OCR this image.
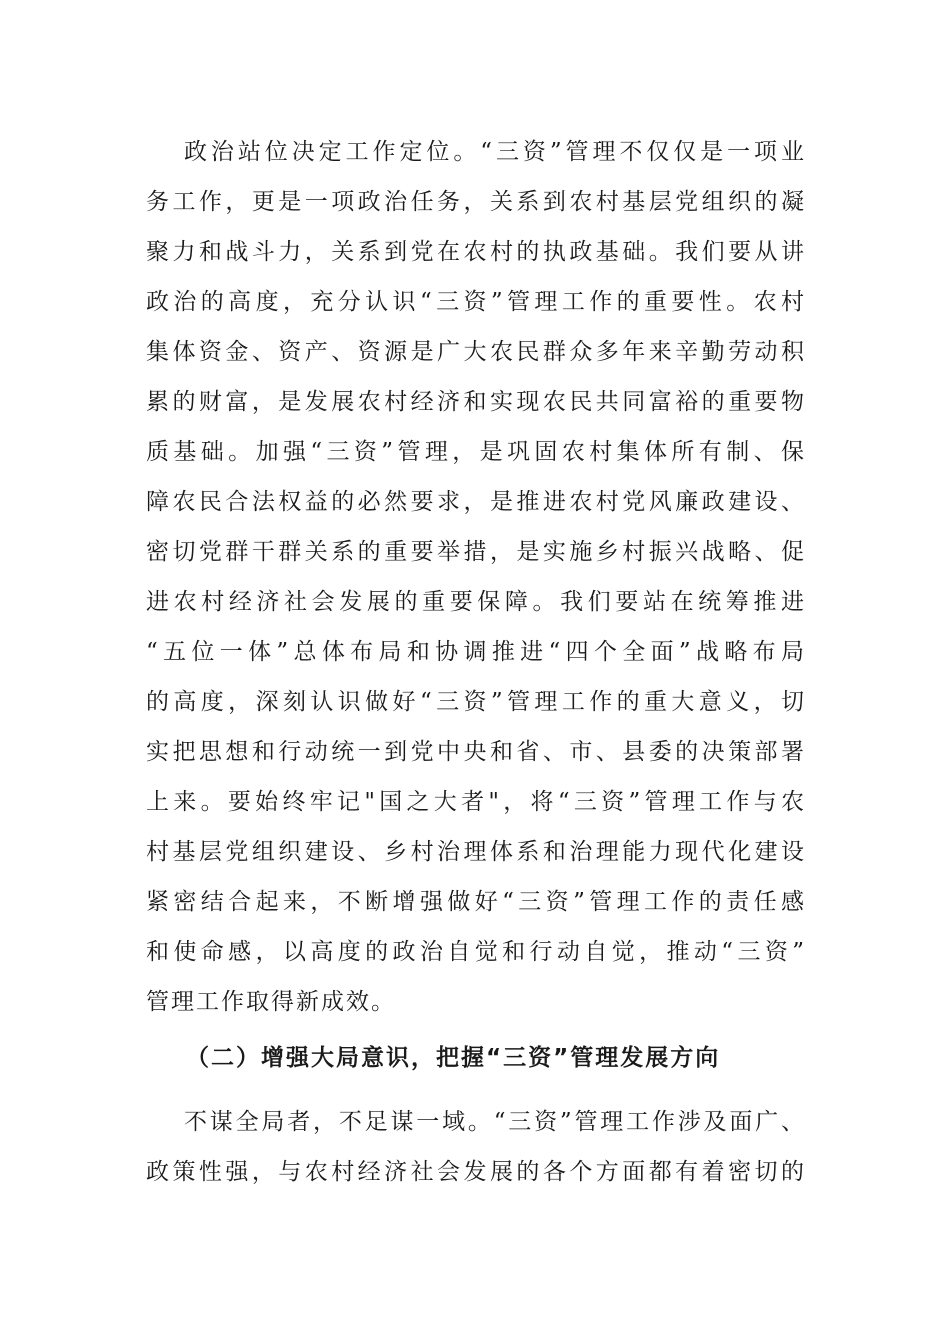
政治站位决定工作定位。“三资”管理不仅仅是一项业
务工作，更是一项政治任务，关系到农村基层党组织的凝
聚力和战斗力，关系到党在农村的执政基础。我们要从讲
政治的高度，充分认识“三资”管理工作的重要性。农村
集体资金、资产、资源是广大农民群众多年来辛勤劳动积
累的财富，是发展农村经济和实现农民共同富裕的重要物
质基础。加强“三资”管理，是巩固农村集体所有制、保
障农民合法权益的必然要求，是推进农村党风廉政建设、
密切党群干群关系的重要举措，是实施乡村振兴战略、促
进农村经济社会发展的重要保障。我们要站在统筹推进
“五位一体”总体布局和协调推进“四个全面”战略布局
的高度，深刻认识做好“三资”管理工作的重大意义，切
实把思想和行动统一到党中央和省、市、县委的决策部署
上来。要始终牢记"国之大者"，将“三资”管理工作与农
村基层党组织建设、乡村治理体系和治理能力现代化建设
紧密结合起来，不断增强做好“三资”管理工作的责任感
和使命感，以高度的政治自觉和行动自觉，推动“三资”
管理工作取得新成效。
（二）增强大局意识，把握“三资”管理发展方向
不谋全局者，不足谋一域。“三资”管理工作涉及面广、
政策性强，与农村经济社会发展的各个方面都有着密切的
